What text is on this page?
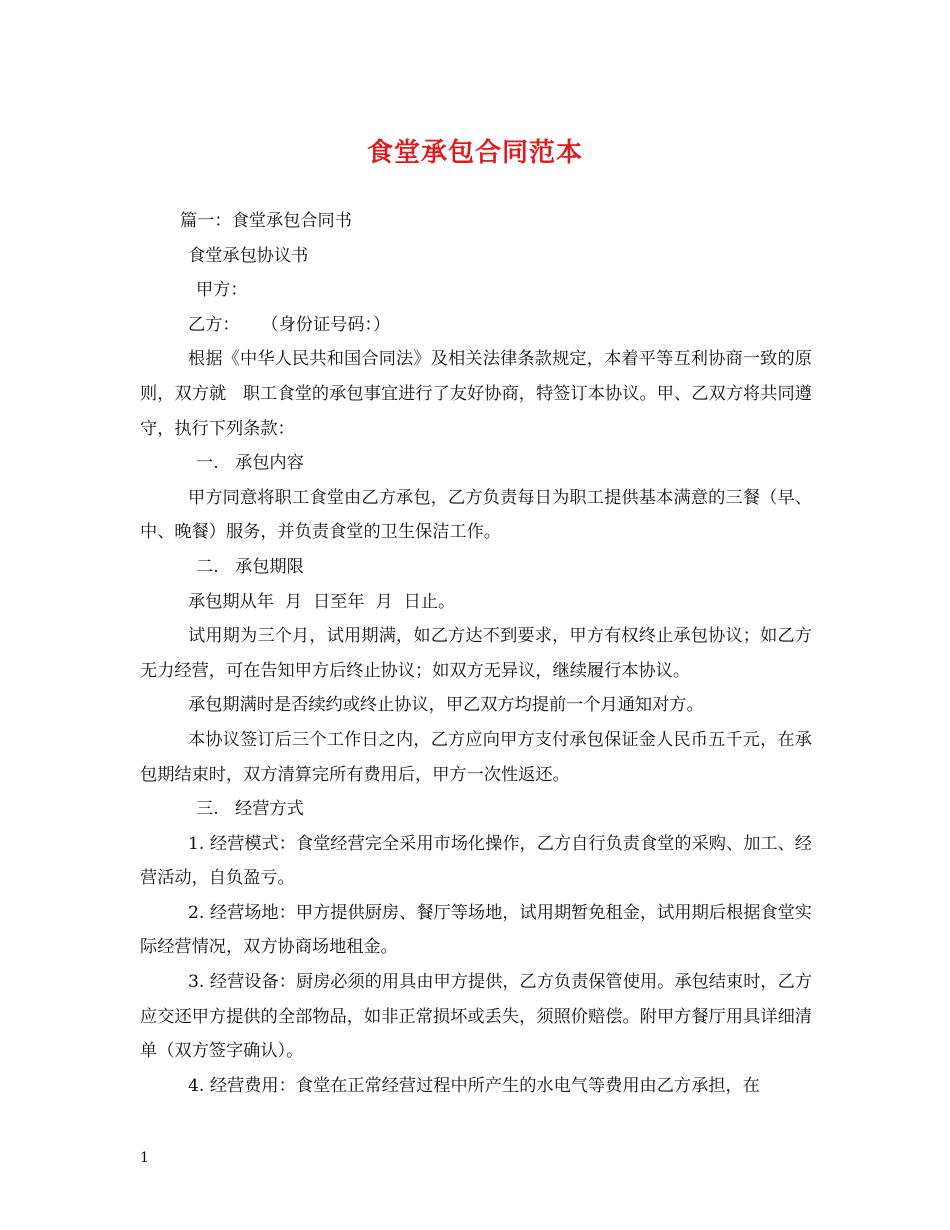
食堂承包合同范本

篇一：食堂承包合同书

食堂承包协议书

甲方：

乙方：    （身份证号码：）

根据《中华人民共和国合同法》及相关法律条款规定，本着平等互利协商一致的原则，双方就   职工食堂的承包事宜进行了友好协商，特签订本协议。甲、乙双方将共同遵守，执行下列条款：

一.   承包内容

甲方同意将职工食堂由乙方承包，乙方负责每日为职工提供基本满意的三餐（早、中、晚餐）服务，并负责食堂的卫生保洁工作。

二.   承包期限

承包期从年  月  日至年  月  日止。

试用期为三个月，试用期满，如乙方达不到要求，甲方有权终止承包协议；如乙方无力经营，可在告知甲方后终止协议；如双方无异议，继续履行本协议。

承包期满时是否续约或终止协议，甲乙双方均提前一个月通知对方。

本协议签订后三个工作日之内，乙方应向甲方支付承包保证金人民币五千元，在承包期结束时，双方清算完所有费用后，甲方一次性返还。

三.   经营方式

1. 经营模式：食堂经营完全采用市场化操作，乙方自行负责食堂的采购、加工、经营活动，自负盈亏。

2. 经营场地：甲方提供厨房、餐厅等场地，试用期暂免租金，试用期后根据食堂实际经营情况，双方协商场地租金。

3. 经营设备：厨房必须的用具由甲方提供，乙方负责保管使用。承包结束时，乙方应交还甲方提供的全部物品，如非正常损坏或丢失，须照价赔偿。附甲方餐厅用具详细清单（双方签字确认）。

4. 经营费用：食堂在正常经营过程中所产生的水电气等费用由乙方承担，在

1
